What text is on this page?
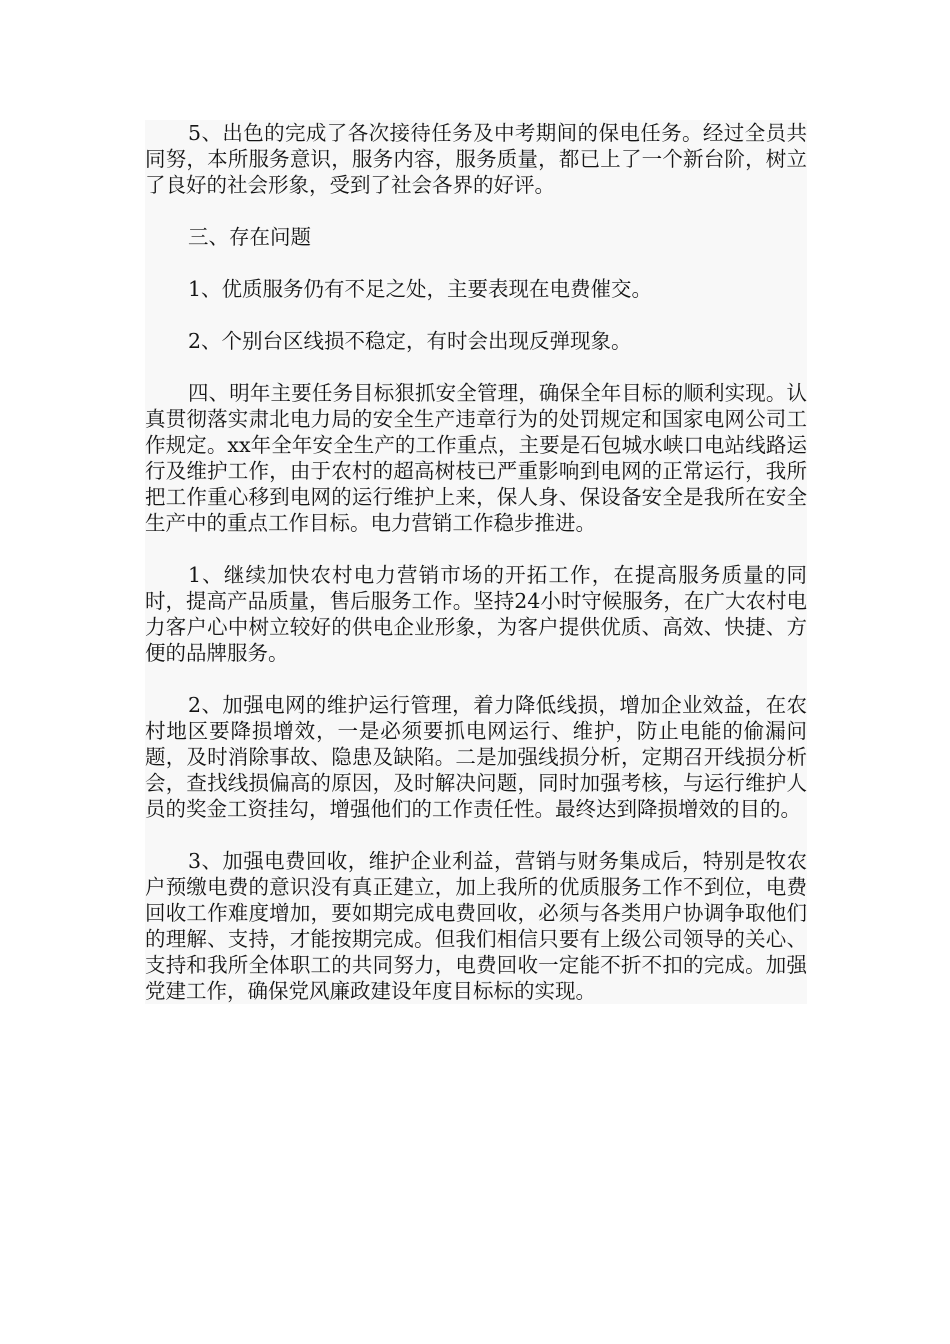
5、出色的完成了各次接待任务及中考期间的保电任务。经过全员共同努，本所服务意识，服务内容，服务质量，都已上了一个新台阶，树立了良好的社会形象，受到了社会各界的好评。

三、存在问题

1、优质服务仍有不足之处，主要表现在电费催交。

2、个别台区线损不稳定，有时会出现反弹现象。

四、明年主要任务目标狠抓安全管理，确保全年目标的顺利实现。认真贯彻落实肃北电力局的安全生产违章行为的处罚规定和国家电网公司工作规定。xx年全年安全生产的工作重点，主要是石包城水峡口电站线路运行及维护工作，由于农村的超高树枝已严重影响到电网的正常运行，我所把工作重心移到电网的运行维护上来，保人身、保设备安全是我所在安全生产中的重点工作目标。电力营销工作稳步推进。

1、继续加快农村电力营销市场的开拓工作，在提高服务质量的同时，提高产品质量，售后服务工作。坚持24小时守候服务，在广大农村电力客户心中树立较好的供电企业形象，为客户提供优质、高效、快捷、方便的品牌服务。

2、加强电网的维护运行管理，着力降低线损，增加企业效益，在农村地区要降损增效，一是必须要抓电网运行、维护，防止电能的偷漏问题，及时消除事故、隐患及缺陷。二是加强线损分析，定期召开线损分析会，查找线损偏高的原因，及时解决问题，同时加强考核，与运行维护人员的奖金工资挂勾，增强他们的工作责任性。最终达到降损增效的目的。

3、加强电费回收，维护企业利益，营销与财务集成后，特别是牧农户预缴电费的意识没有真正建立，加上我所的优质服务工作不到位，电费回收工作难度增加，要如期完成电费回收，必须与各类用户协调争取他们的理解、支持，才能按期完成。但我们相信只要有上级公司领导的关心、支持和我所全体职工的共同努力，电费回收一定能不折不扣的完成。加强党建工作，确保党风廉政建设年度目标标的实现。
